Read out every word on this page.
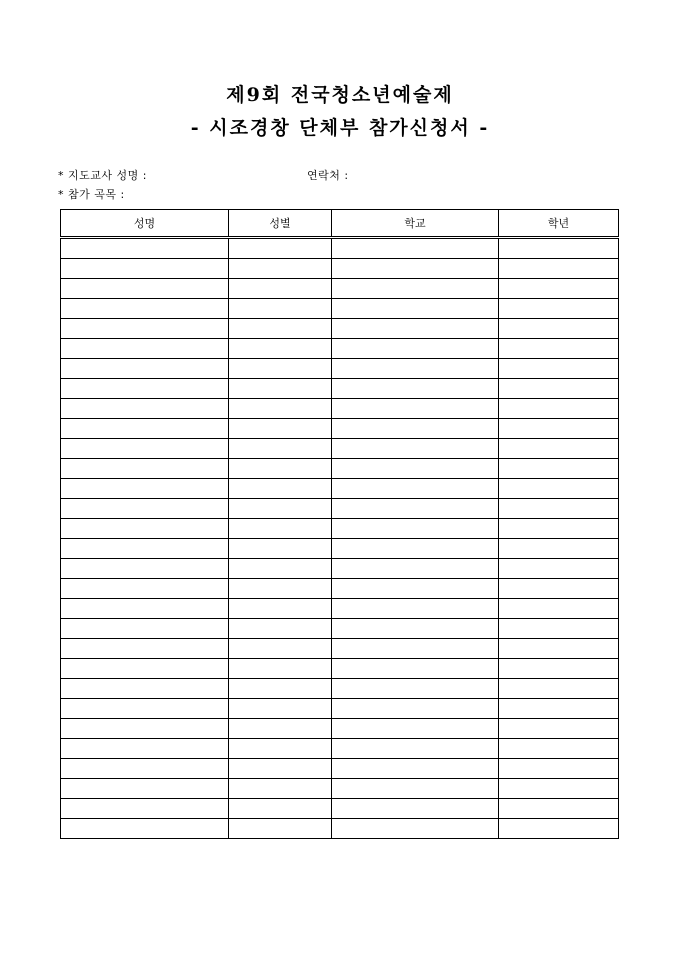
제9회 전국청소년예술제
- 시조경창 단체부 참가신청서 -
* 지도교사 성명 :	연락처 :
* 참가 곡목 :
성명	성별	학교	학년
